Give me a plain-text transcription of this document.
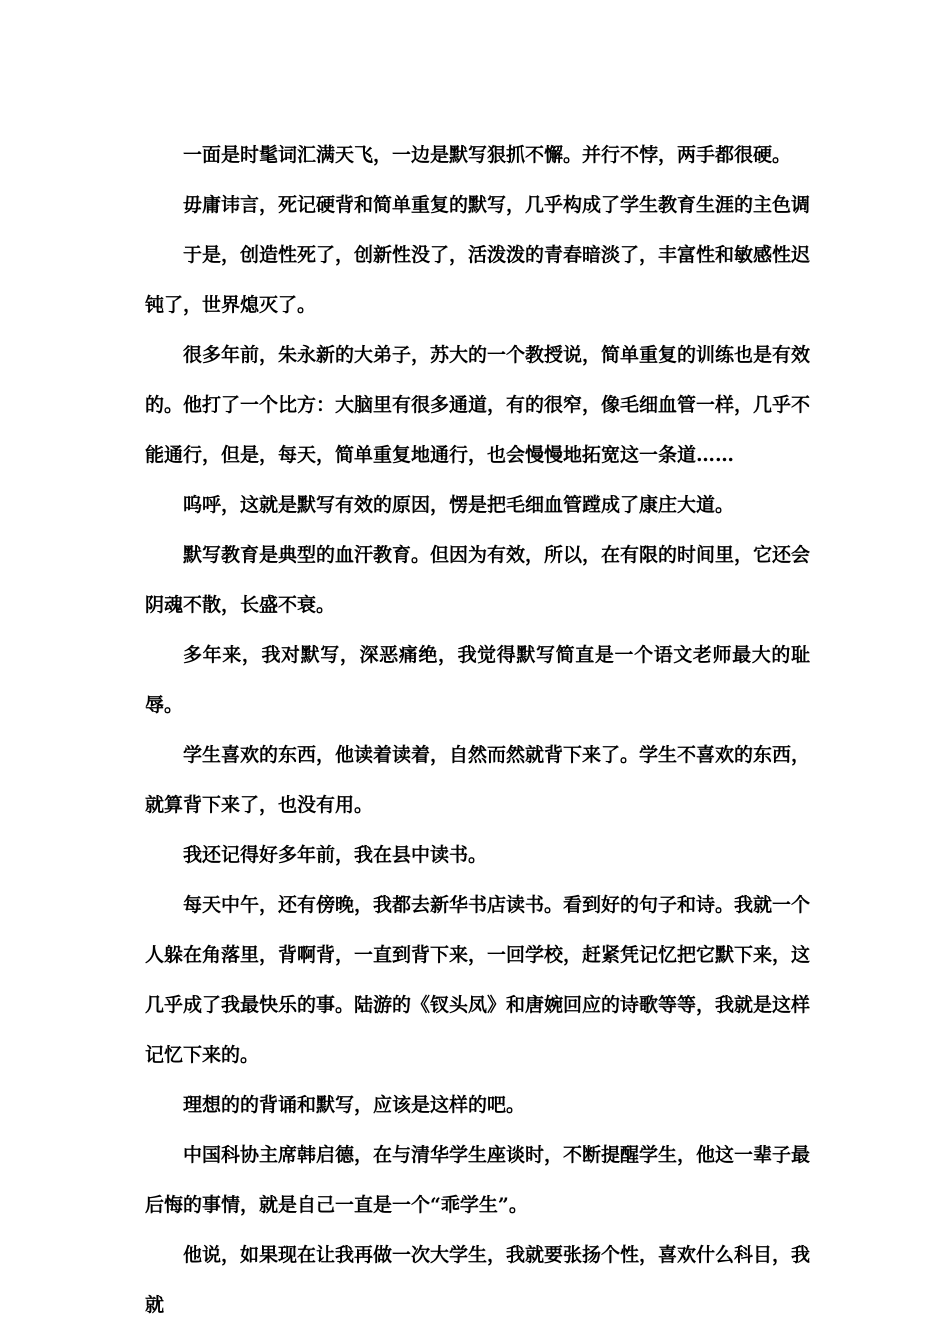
一面是时髦词汇满天飞，一边是默写狠抓不懈。并行不悖，两手都很硬。

毋庸讳言，死记硬背和简单重复的默写，几乎构成了学生教育生涯的主色调

于是，创造性死了，创新性没了，活泼泼的青春暗淡了，丰富性和敏感性迟钝了，世界熄灭了。

很多年前，朱永新的大弟子，苏大的一个教授说，简单重复的训练也是有效的。他打了一个比方：大脑里有很多通道，有的很窄，像毛细血管一样，几乎不能通行，但是，每天，简单重复地通行，也会慢慢地拓宽这一条道……

呜呼，这就是默写有效的原因，愣是把毛细血管蹚成了康庄大道。

默写教育是典型的血汗教育。但因为有效，所以，在有限的时间里，它还会阴魂不散，长盛不衰。

多年来，我对默写，深恶痛绝，我觉得默写简直是一个语文老师最大的耻辱。

学生喜欢的东西，他读着读着，自然而然就背下来了。学生不喜欢的东西，就算背下来了，也没有用。

我还记得好多年前，我在县中读书。

每天中午，还有傍晚，我都去新华书店读书。看到好的句子和诗。我就一个人躲在角落里，背啊背，一直到背下来，一回学校，赶紧凭记忆把它默下来，这几乎成了我最快乐的事。陆游的《钗头凤》和唐婉回应的诗歌等等，我就是这样记忆下来的。

理想的的背诵和默写，应该是这样的吧。

中国科协主席韩启德，在与清华学生座谈时，不断提醒学生，他这一辈子最后悔的事情，就是自己一直是一个“乖学生”。

他说，如果现在让我再做一次大学生，我就要张扬个性，喜欢什么科目，我就
